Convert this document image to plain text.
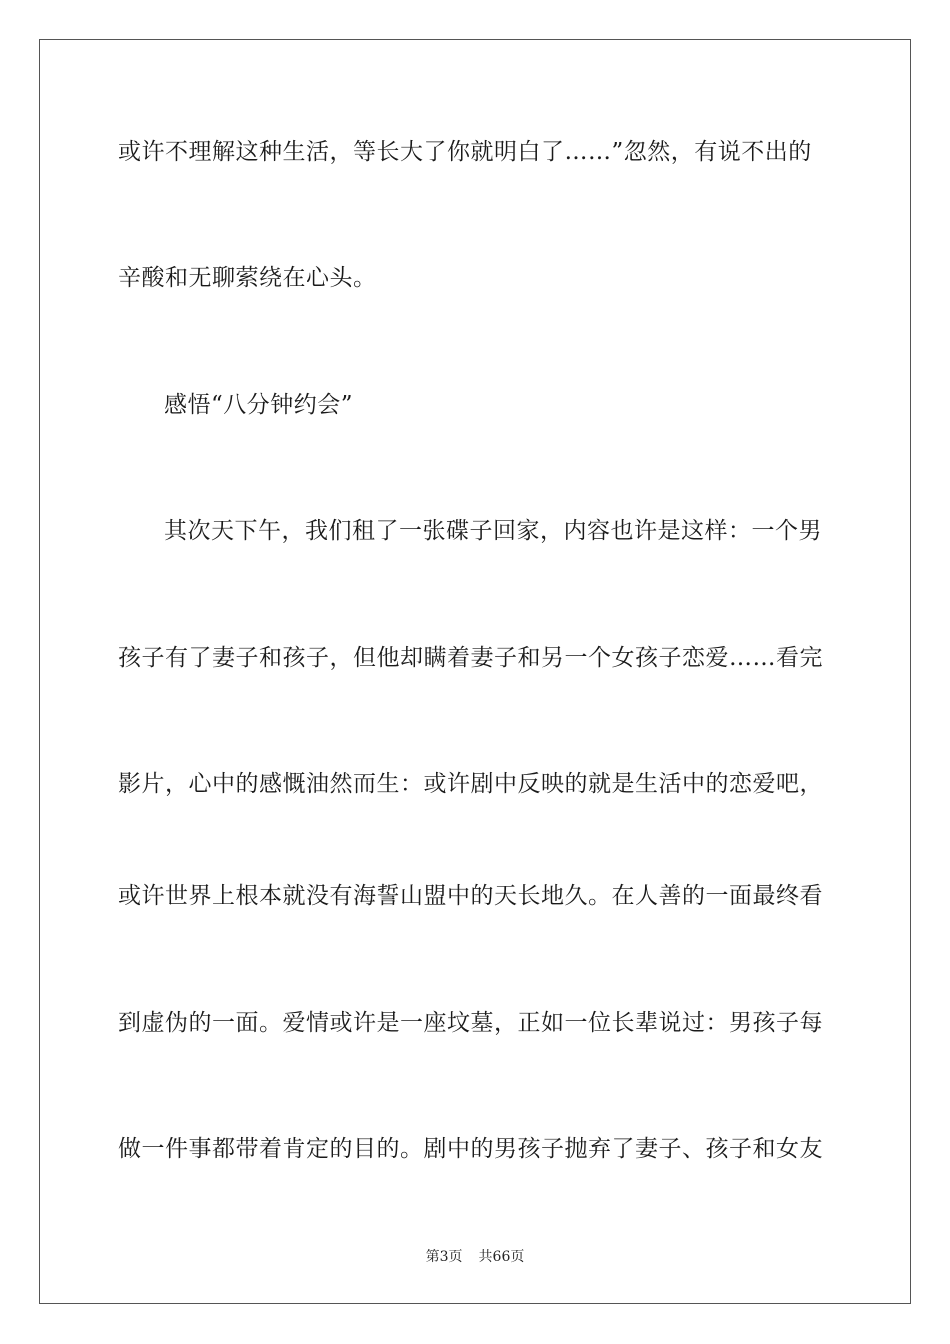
或许不理解这种生活，等长大了你就明白了……”忽然，有说不出的
辛酸和无聊萦绕在心头。
感悟“八分钟约会”
其次天下午，我们租了一张碟子回家，内容也许是这样：一个男
孩子有了妻子和孩子，但他却瞒着妻子和另一个女孩子恋爱……看完
影片，心中的感慨油然而生：或许剧中反映的就是生活中的恋爱吧，
或许世界上根本就没有海誓山盟中的天长地久。在人善的一面最终看
到虚伪的一面。爱情或许是一座坟墓，正如一位长辈说过：男孩子每
做一件事都带着肯定的目的。剧中的男孩子抛弃了妻子、孩子和女友
第3页 共66页
